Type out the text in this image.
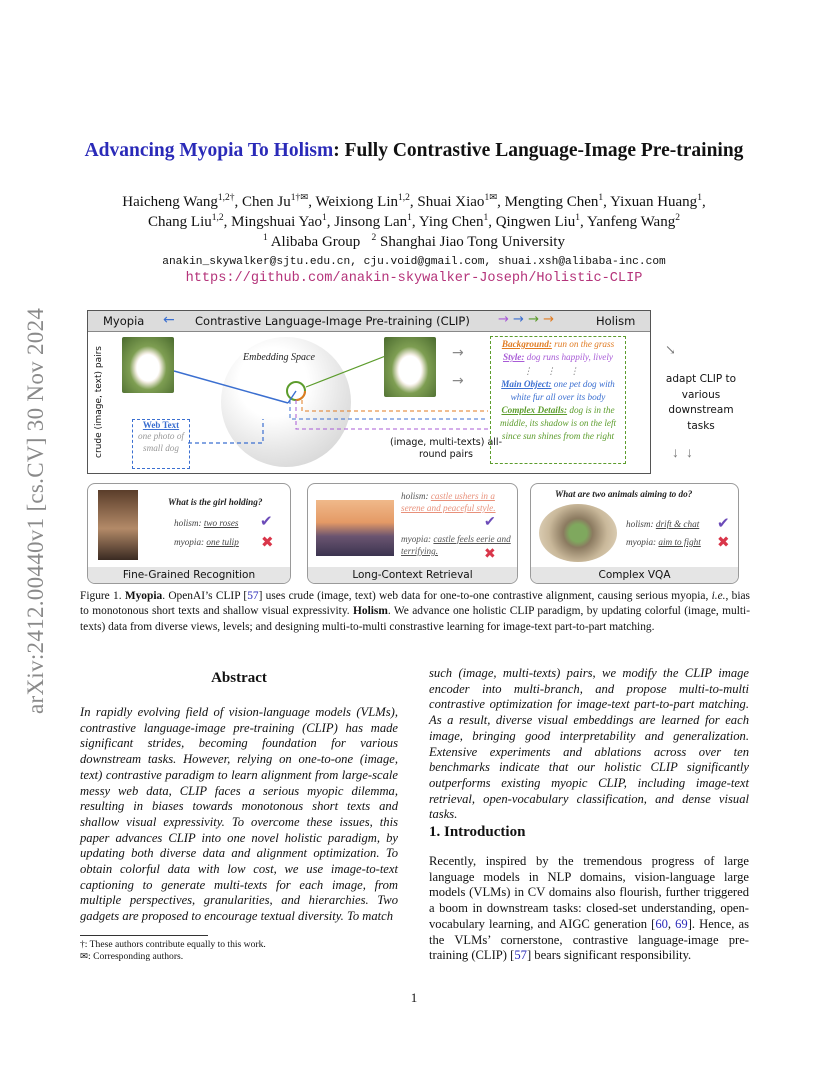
arXiv:2412.00440v1 [cs.CV] 30 Nov 2024
Advancing Myopia To Holism: Fully Contrastive Language-Image Pre-training
Haicheng Wang$^{1,2\dagger}$, Chen $Ju^{1\dagger✉}$, Weixiong Lin$^{1,2}$, Shuai Xiao$^{1✉}$, Mengting Chen$^1$, Yixuan Huang$^1$,
Chang Liu$^{1,2}$, Mingshuai Yao$^1$, Jinsong Lan$^1$, Ying Chen$^1$, Qingwen Liu$^1$, Yanfeng Wang$^2$
$^1$ Alibaba Group $^2$ Shanghai Jiao Tong University
anakin_skywalker@sjtu.edu.cn, cju.void@gmail.com, shuai.xsh@alibaba-inc.com
https://github.com/anakin-skywalker-Joseph/Holistic-CLIP
Myopia ← Contrastive Language-Image Pre-training (CLIP) → → → →	Holism
crude (image, text) pairs	Web Text
one photo of small dog
Embedding Space	→
→
(image, multi-texts) all-round pairs
Background: run on the grass
Style: dog runs happily, lively
⋮⋮⋮
Main Object: one pet dog with white fur all over its body
Complex Details: dog is in the middle, its shadow is on the left since sun shines from the right
↘
adapt CLIP to various downstream tasks
↓  ↓
What is the girl holding?
holism: two roses
myopia: one tulip
✔
✖
Fine-Grained Recognition
holism: castle ushers in a serene and peaceful style.
✔
myopia: castle feels eerie and terrifying.	✖
Long-Context Retrieval
What are two animals aiming to do?
holism: drift & chat
myopia: aim to fight
✔
✖
Complex VQA
Figure 1. Myopia. OpenAI’s CLIP [57] uses crude (image, text) web data for one-to-one contrastive alignment, causing serious myopia, i.e., bias to monotonous short texts and shallow visual expressivity. Holism. We advance one holistic CLIP paradigm, by updating colorful (image, multi-texts) data from diverse views, levels; and designing multi-to-multi constrastive learning for image-text part-to-part matching.
Abstract
In rapidly evolving field of vision-language models (VLMs), contrastive language-image pre-training (CLIP) has made significant strides, becoming foundation for various downstream tasks. However, relying on one-to-one (image, text) contrastive paradigm to learn alignment from large-scale messy web data, CLIP faces a serious myopic dilemma, resulting in biases towards monotonous short texts and shallow visual expressivity. To overcome these issues, this paper advances CLIP into one novel holistic paradigm, by updating both diverse data and alignment optimization. To obtain colorful data with low cost, we use image-to-text captioning to generate multi-texts for each image, from multiple perspectives, granularities, and hierarchies. Two gadgets are proposed to encourage textual diversity. To match
†: These authors contribute equally to this work.
✉: Corresponding authors.
such (image, multi-texts) pairs, we modify the CLIP image encoder into multi-branch, and propose multi-to-multi contrastive optimization for image-text part-to-part matching. As a result, diverse visual embeddings are learned for each image, bringing good interpretability and generalization. Extensive experiments and ablations across over ten benchmarks indicate that our holistic CLIP significantly outperforms existing myopic CLIP, including image-text retrieval, open-vocabulary classification, and dense visual tasks.
1. Introduction
Recently, inspired by the tremendous progress of large language models in NLP domains, vision-language large models (VLMs) in CV domains also flourish, further triggered a boom in downstream tasks: closed-set understanding, open-vocabulary learning, and AIGC generation [60, 69]. Hence, as the VLMs’ cornerstone, contrastive language-image pre-training (CLIP) [57] bears significant responsibility.
1
